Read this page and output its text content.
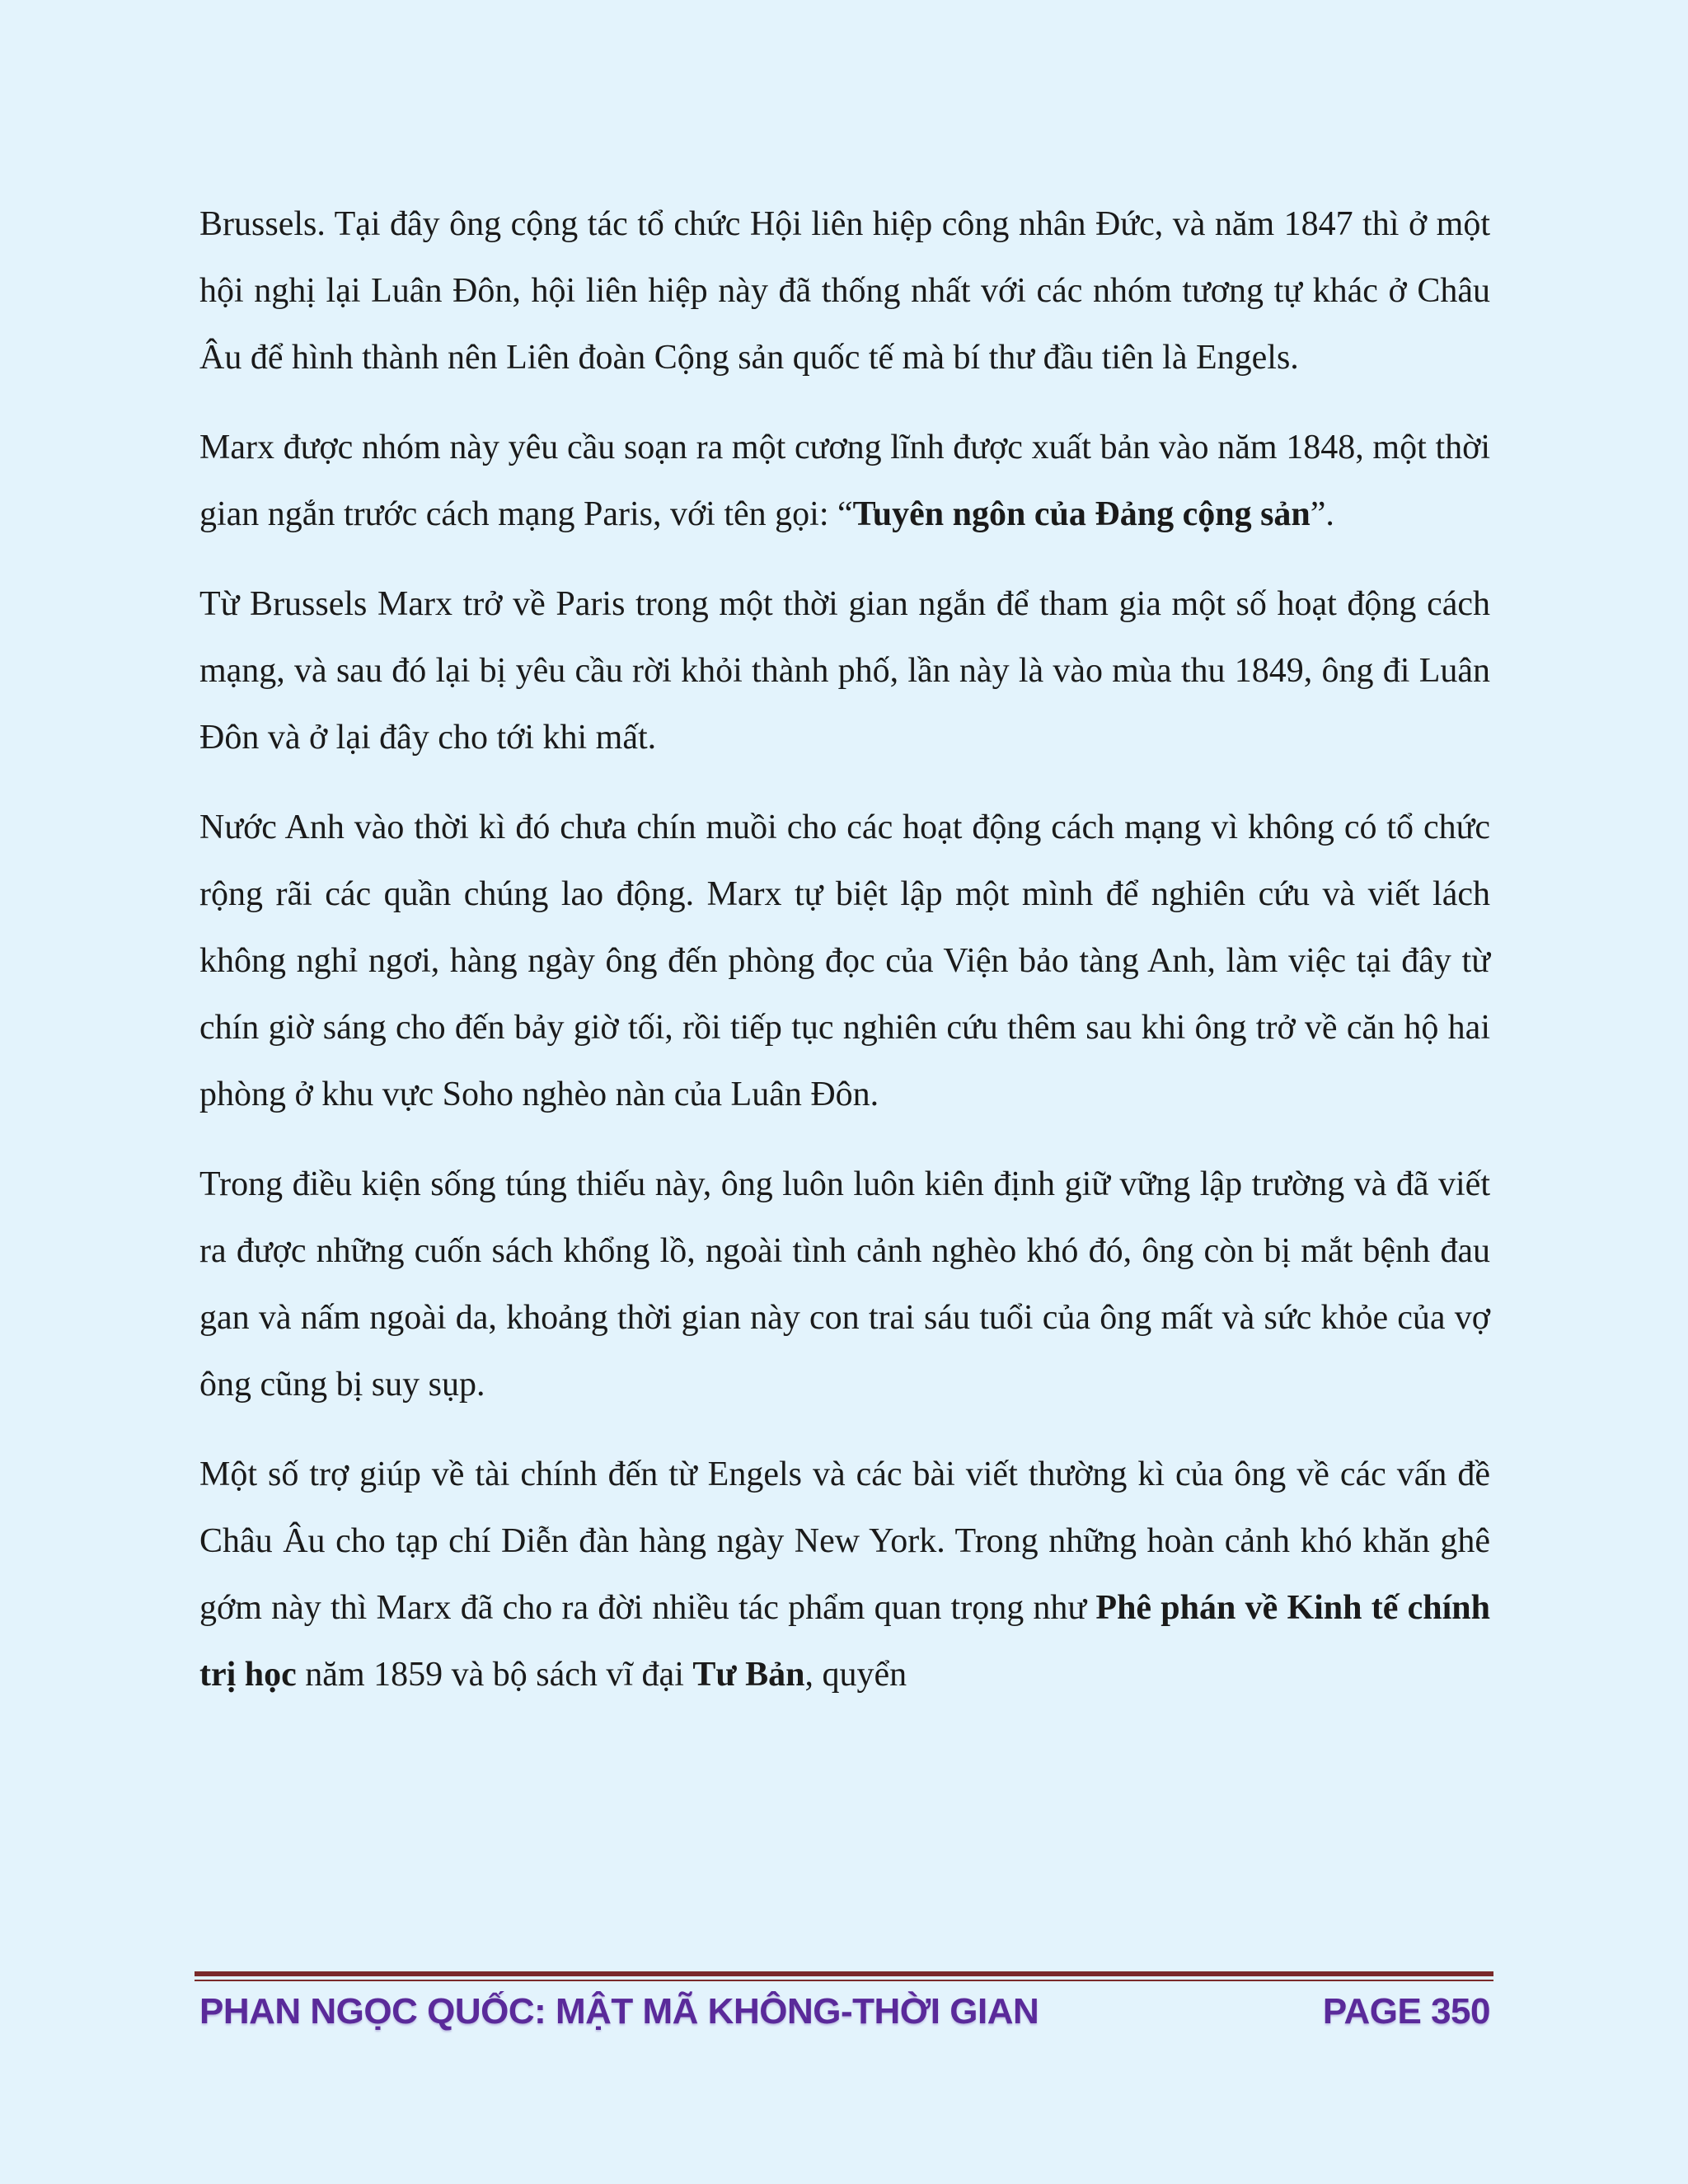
Brussels. Tại đây ông cộng tác tổ chức Hội liên hiệp công nhân Đức, và năm 1847 thì ở một hội nghị lại Luân Đôn, hội liên hiệp này đã thống nhất với các nhóm tương tự khác ở Châu Âu để hình thành nên Liên đoàn Cộng sản quốc tế mà bí thư đầu tiên là Engels.

Marx được nhóm này yêu cầu soạn ra một cương lĩnh được xuất bản vào năm 1848, một thời gian ngắn trước cách mạng Paris, với tên gọi: “Tuyên ngôn của Đảng cộng sản”.

Từ Brussels Marx trở về Paris trong một thời gian ngắn để tham gia một số hoạt động cách mạng, và sau đó lại bị yêu cầu rời khỏi thành phố, lần này là vào mùa thu 1849, ông đi Luân Đôn và ở lại đây cho tới khi mất.

Nước Anh vào thời kì đó chưa chín muồi cho các hoạt động cách mạng vì không có tổ chức rộng rãi các quần chúng lao động. Marx tự biệt lập một mình để nghiên cứu và viết lách không nghỉ ngơi, hàng ngày ông đến phòng đọc của Viện bảo tàng Anh, làm việc tại đây từ chín giờ sáng cho đến bảy giờ tối, rồi tiếp tục nghiên cứu thêm sau khi ông trở về căn hộ hai phòng ở khu vực Soho nghèo nàn của Luân Đôn.

Trong điều kiện sống túng thiếu này, ông luôn luôn kiên định giữ vững lập trường và đã viết ra được những cuốn sách khổng lồ, ngoài tình cảnh nghèo khó đó, ông còn bị mắt bệnh đau gan và nấm ngoài da, khoảng thời gian này con trai sáu tuổi của ông mất và sức khỏe của vợ ông cũng bị suy sụp.

Một số trợ giúp về tài chính đến từ Engels và các bài viết thường kì của ông về các vấn đề Châu Âu cho tạp chí Diễn đàn hàng ngày New York. Trong những hoàn cảnh khó khăn ghê gớm này thì Marx đã cho ra đời nhiều tác phẩm quan trọng như Phê phán về Kinh tế chính trị học năm 1859 và bộ sách vĩ đại Tư Bản, quyển

PHAN NGỌC QUỐC: MẬT MÃ KHÔNG-THỜI GIAN	PAGE 350
